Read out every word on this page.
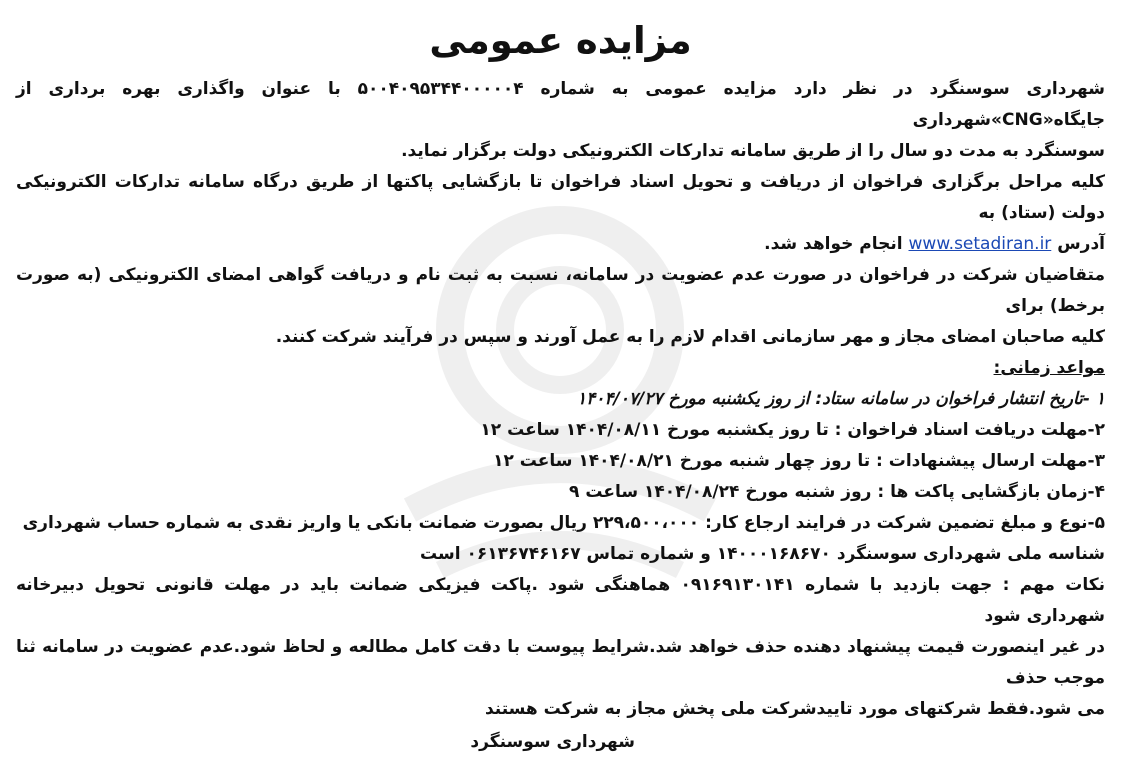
مزایده عمومی

شهرداری سوسنگرد در نظر دارد مزایده عمومی به شماره ۵۰۰۴۰۹۵۳۴۴۰۰۰۰۰۴ با عنوان واگذاری بهره برداری از جایگاه«CNG»شهرداری

سوسنگرد به مدت دو سال را از طریق سامانه تدارکات الکترونیکی دولت برگزار نماید.

کلیه مراحل برگزاری فراخوان از دریافت و تحویل اسناد فراخوان تا بازگشایی پاکتها از طریق درگاه سامانه تدارکات الکترونیکی دولت (ستاد) به

آدرس www.setadiran.ir انجام خواهد شد.

متقاضیان شرکت در فراخوان در صورت عدم عضویت در سامانه، نسبت به ثبت نام و دریافت گواهی امضای الکترونیکی (به صورت برخط) برای

کلیه صاحبان امضای مجاز و مهر سازمانی اقدام لازم را به عمل آورند و سپس در فرآیند شرکت کنند.

مواعد زمانی:

۱ -تاریخ انتشار فراخوان در سامانه ستاد: از روز یکشنبه مورخ ۱۴۰۴/۰۷/۲۷

۲-مهلت دریافت اسناد فراخوان : تا روز یکشنبه مورخ ۱۴۰۴/۰۸/۱۱ ساعت ۱۲

۳-مهلت ارسال پیشنهادات : تا روز چهار شنبه مورخ ۱۴۰۴/۰۸/۲۱ ساعت ۱۲

۴-زمان بازگشایی پاکت ها : روز شنبه مورخ ۱۴۰۴/۰۸/۲۴ ساعت ۹

۵-نوع و مبلغ تضمین شرکت در فرایند ارجاع کار: ۲۲۹،۵۰۰،۰۰۰ ریال بصورت ضمانت بانکی یا واریز نقدی به شماره حساب شهرداری

شناسه ملی شهرداری سوسنگرد ۱۴۰۰۰۱۶۸۶۷۰ و شماره تماس ۰۶۱۳۶۷۴۶۱۶۷ است

نکات مهم : جهت بازدید با شماره ۰۹۱۶۹۱۳۰۱۴۱ هماهنگی شود .پاکت فیزیکی ضمانت باید در مهلت قانونی تحویل دبیرخانه شهرداری شود

در غیر اینصورت قیمت پیشنهاد دهنده حذف خواهد شد.شرایط پیوست با دقت کامل مطالعه و لحاظ شود.عدم عضویت در سامانه ثنا موجب حذف

می شود.فقط شرکتهای مورد تاییدشرکت ملی پخش مجاز به شرکت هستند

شهرداری سوسنگرد
